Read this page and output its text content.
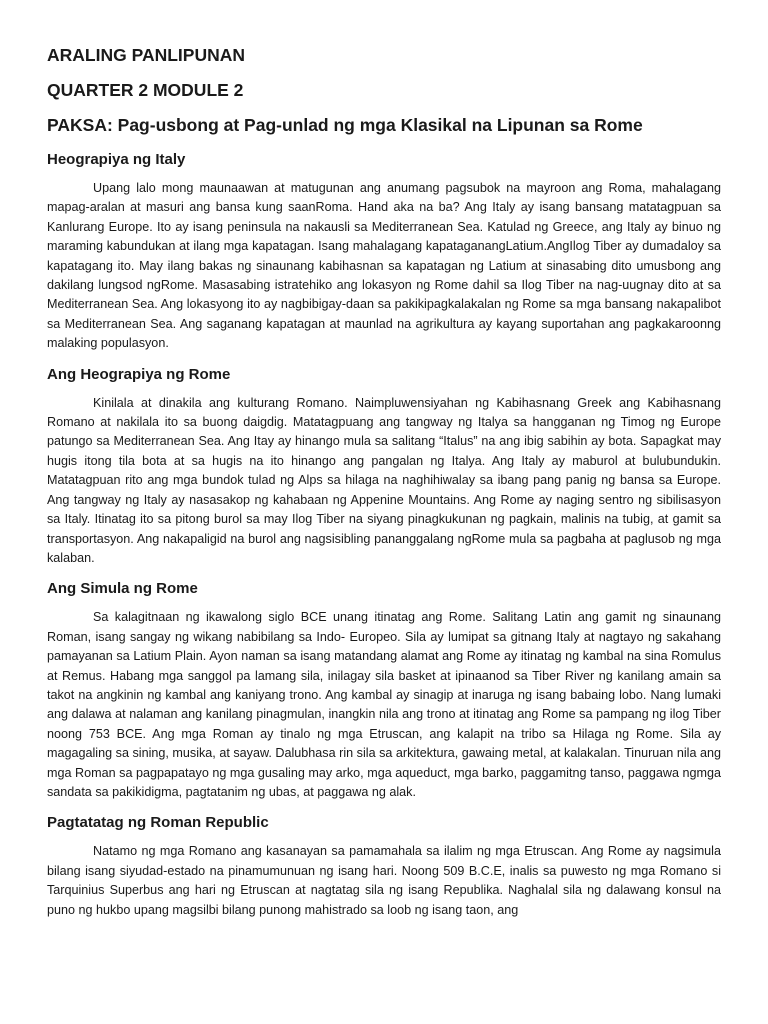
ARALING PANLIPUNAN
QUARTER 2 MODULE 2
PAKSA: Pag-usbong at Pag-unlad ng mga Klasikal na Lipunan sa Rome
Heograpiya ng Italy
Upang lalo mong maunaawan at matugunan ang anumang pagsubok na mayroon ang Roma, mahalagang mapag-aralan at masuri ang bansa kung saanRoma. Hand aka na ba? Ang Italy ay isang bansang matatagpuan sa Kanlurang Europe. Ito ay isang peninsula na nakausli sa Mediterranean Sea. Katulad ng Greece, ang Italy ay binuo ng maraming kabundukan at ilang mga kapatagan. Isang mahalagang kapataganangLatium.AngIlog Tiber ay dumadaloy sa kapatagang ito. May ilang bakas ng sinaunang kabihasnan sa kapatagan ng Latium at sinasabing dito umusbong ang dakilang lungsod ngRome. Masasabing istratehiko ang lokasyon ng Rome dahil sa Ilog Tiber na nag-uugnay dito at sa Mediterranean Sea. Ang lokasyong ito ay nagbibigay-daan sa pakikipagkalakalan ng Rome sa mga bansang nakapalibot sa Mediterranean Sea. Ang saganang kapatagan at maunlad na agrikultura ay kayang suportahan ang pagkakaroonng malaking populasyon.
Ang Heograpiya ng Rome
Kinilala at dinakila ang kulturang Romano. Naimpluwensiyahan ng Kabihasnang Greek ang Kabihasnang Romano at nakilala ito sa buong daigdig. Matatagpuang ang tangway ng Italya sa hangganan ng Timog ng Europe patungo sa Mediterranean Sea. Ang Itay ay hinango mula sa salitang “Italus” na ang ibig sabihin ay bota. Sapagkat may hugis itong tila bota at sa hugis na ito hinango ang pangalan ng Italya. Ang Italy ay maburol at bulubundukin. Matatagpuan rito ang mga bundok tulad ng Alps sa hilaga na naghihiwalay sa ibang pang panig ng bansa sa Europe. Ang tangway ng Italy ay nasasakop ng kahabaan ng Appenine Mountains. Ang Rome ay naging sentro ng sibilisasyon sa Italy. Itinatag ito sa pitong burol sa may Ilog Tiber na siyang pinagkukunan ng pagkain, malinis na tubig, at gamit sa transportasyon. Ang nakapaligid na burol ang nagsisibling pananggalang ngRome mula sa pagbaha at paglusob ng mga kalaban.
Ang Simula ng Rome
Sa kalagitnaan ng ikawalong siglo BCE unang itinatag ang Rome. Salitang Latin ang gamit ng sinaunang Roman, isang sangay ng wikang nabibilang sa Indo- Europeo. Sila ay lumipat sa gitnang Italy at nagtayo ng sakahang pamayanan sa Latium Plain. Ayon naman sa isang matandang alamat ang Rome ay itinatag ng kambal na sina Romulus at Remus. Habang mga sanggol pa lamang sila, inilagay sila basket at ipinaanod sa Tiber River ng kanilang amain sa takot na angkinin ng kambal ang kaniyang trono. Ang kambal ay sinagip at inaruga ng isang babaing lobo. Nang lumaki ang dalawa at nalaman ang kanilang pinagmulan, inangkin nila ang trono at itinatag ang Rome sa pampang ng ilog Tiber noong 753 BCE. Ang mga Roman ay tinalo ng mga Etruscan, ang kalapit na tribo sa Hilaga ng Rome. Sila ay magagaling sa sining, musika, at sayaw. Dalubhasa rin sila sa arkitektura, gawaing metal, at kalakalan. Tinuruan nila ang mga Roman sa pagpapatayo ng mga gusaling may arko, mga aqueduct, mga barko, paggamitng tanso, paggawa ngmga sandata sa pakikidigma, pagtatanim ng ubas, at paggawa ng alak.
Pagtatatag ng Roman Republic
Natamo ng mga Romano ang kasanayan sa pamamahala sa ilalim ng mga Etruscan. Ang Rome ay nagsimula bilang isang siyudad-estado na pinamumunuan ng isang hari. Noong 509 B.C.E, inalis sa puwesto ng mga Romano si Tarquinius Superbus ang hari ng Etruscan at nagtatag sila ng isang Republika. Naghalal sila ng dalawang konsul na puno ng hukbo upang magsilbi bilang punong mahistrado sa loob ng isang taon, ang
